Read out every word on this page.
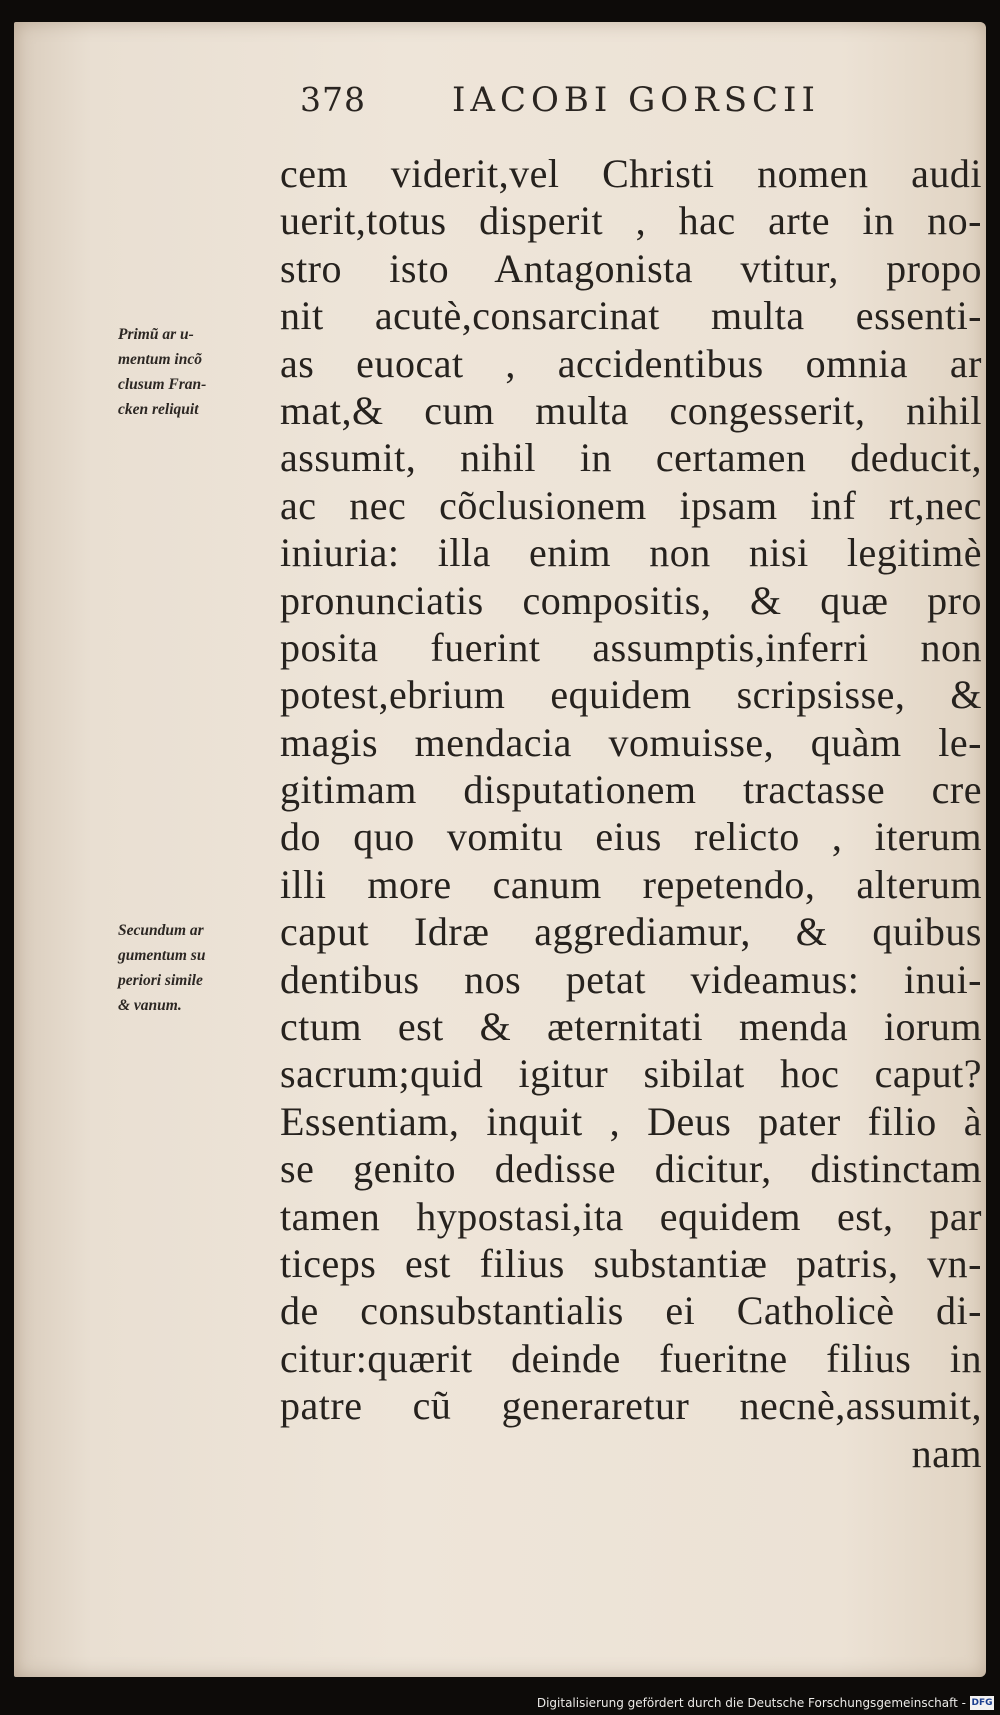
378	IACOBI GORSCII
Primũ ar u-
mentum incõ
clusum Fran-
cken reliquit
Secundum ar
gumentum su
periori simile
& vanum.
cem viderit,vel Christi nomen audi
uerit,totus disperit , hac arte in no-
stro isto Antagonista vtitur, propo
nit acutè,consarcinat multa essenti-
as euocat , accidentibus omnia ar
mat,& cum multa congesserit, nihil
assumit, nihil in certamen deducit,
ac nec cõclusionem ipsam inf rt,nec
iniuria: illa enim non nisi legitimè
pronunciatis compositis, & quæ pro
posita fuerint assumptis,inferri non
potest,ebrium equidem scripsisse, &
magis mendacia vomuisse, quàm le-
gitimam disputationem tractasse cre
do quo vomitu eius relicto , iterum
illi more canum repetendo, alterum
caput Idræ aggrediamur, & quibus
dentibus nos petat videamus: inui-
ctum est & æternitati menda iorum
sacrum;quid igitur sibilat hoc caput?
Essentiam, inquit , Deus pater filio à
se genito dedisse dicitur, distinctam
tamen hypostasi,ita equidem est, par
ticeps est filius substantiæ patris, vn-
de consubstantialis ei Catholicè di-
citur:quærit deinde fueritne filius in
patre cũ generaretur necnè,assumit,
nam
Digitalisierung gefördert durch die Deutsche Forschungsgemeinschaft - DFG
